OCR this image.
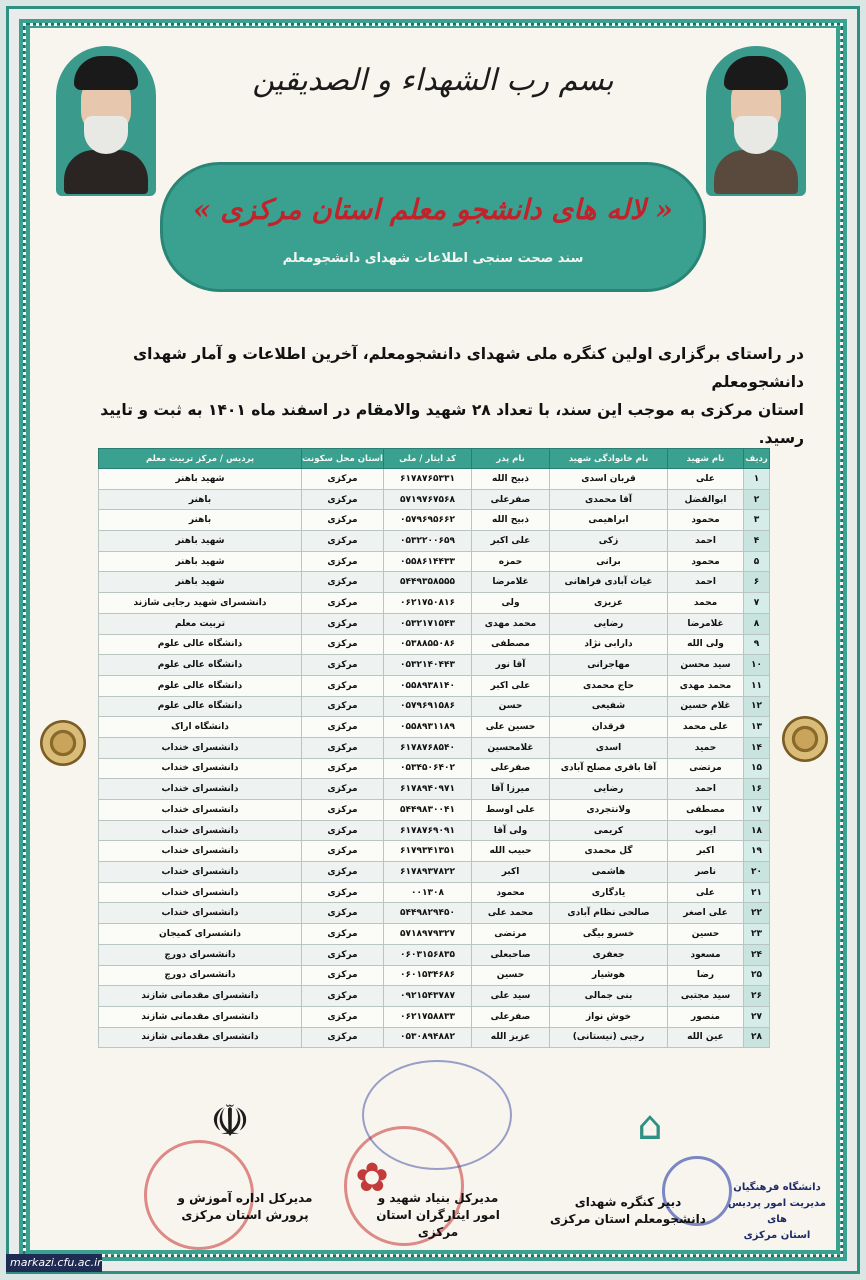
بسم رب الشهداء و الصدیقین
« لاله های دانشجو معلم استان مرکزی »
سند صحت سنجی اطلاعات شهدای دانشجومعلم
در راستای برگزاری اولین کنگره ملی شهدای دانشجومعلم، آخرین اطلاعات و آمار شهدای دانشجومعلم
استان مرکزی به موجب این سند، با تعداد ۲۸ شهید والامقام در اسفند ماه ۱۴۰۱ به ثبت و تایید رسید.
ردیف	نام شهید	نام خانوادگی شهید	نام پدر	کد ایثار / ملی	استان محل سکونت	پردیس / مرکز تربیت معلم
۱	علی	قربان اسدی	ذبیح الله	۶۱۷۸۷۶۵۳۳۱	مرکزی	شهید باهنر
۲	ابوالفضل	آقا محمدی	صفرعلی	۵۷۱۹۷۶۷۵۶۸	مرکزی	باهنر
۳	محمود	ابراهیمی	ذبیح الله	۰۵۷۹۶۹۵۶۶۲	مرکزی	باهنر
۴	احمد	زکی	علی اکبر	۰۵۳۲۲۰۰۶۵۹	مرکزی	شهید باهنر
۵	محمود	برانی	حمزه	۰۵۵۸۶۱۴۴۳۳	مرکزی	شهید باهنر
۶	احمد	غیاث آبادی فراهانی	غلامرضا	۵۴۴۹۳۵۸۵۵۵	مرکزی	شهید باهنر
۷	محمد	عزیزی	ولی	۰۶۲۱۷۵۰۸۱۶	مرکزی	دانشسرای شهید رجایی شازند
۸	غلامرضا	رضایی	محمد مهدی	۰۵۳۲۱۷۱۵۴۳	مرکزی	تربیت معلم
۹	ولی الله	دارابی نژاد	مصطفی	۰۵۳۸۸۵۵۰۸۶	مرکزی	دانشگاه عالی علوم
۱۰	سید محسن	مهاجرانی	آقا نور	۰۵۳۲۱۴۰۴۴۳	مرکزی	دانشگاه عالی علوم
۱۱	محمد مهدی	حاج محمدی	علی اکبر	۰۵۵۸۹۳۸۱۴۰	مرکزی	دانشگاه عالی علوم
۱۲	غلام حسین	شفیعی	حسن	۰۵۷۹۶۹۱۵۸۶	مرکزی	دانشگاه عالی علوم
۱۳	علی محمد	فرقدان	حسین علی	۰۵۵۸۹۳۱۱۸۹	مرکزی	دانشگاه اراک
۱۴	حمید	اسدی	غلامحسین	۶۱۷۸۷۶۸۵۴۰	مرکزی	دانشسرای خنداب
۱۵	مرتضی	آقا باقری مصلح آبادی	صفرعلی	۰۵۳۴۵۰۶۴۰۲	مرکزی	دانشسرای خنداب
۱۶	احمد	رضایی	میرزا آقا	۶۱۷۸۹۴۰۹۷۱	مرکزی	دانشسرای خنداب
۱۷	مصطفی	ولانتجردی	علی اوسط	۵۴۴۹۸۳۰۰۴۱	مرکزی	دانشسرای خنداب
۱۸	ایوب	کریمی	ولی آقا	۶۱۷۸۷۶۹۰۹۱	مرکزی	دانشسرای خنداب
۱۹	اکبر	گل محمدی	حبیب الله	۶۱۷۹۳۴۱۳۵۱	مرکزی	دانشسرای خنداب
۲۰	ناصر	هاشمی	اکبر	۶۱۷۸۹۳۷۸۲۲	مرکزی	دانشسرای خنداب
۲۱	علی	یادگاری	محمود	۰۰۱۳۰۸	مرکزی	دانشسرای خنداب
۲۲	علی اصغر	صالحی نظام آبادی	محمد علی	۵۴۴۹۸۲۹۴۵۰	مرکزی	دانشسرای خنداب
۲۳	حسین	خسرو بیگی	مرتضی	۵۷۱۸۹۷۹۳۲۷	مرکزی	دانشسرای کمیجان
۲۴	مسعود	جعفری	صاحبعلی	۰۶۰۳۱۵۶۸۳۵	مرکزی	دانشسرای دورچ
۲۵	رضا	هوشیار	حسین	۰۶۰۱۵۳۴۶۸۶	مرکزی	دانشسرای دورچ
۲۶	سید مجتبی	بنی جمالی	سید علی	۰۹۲۱۵۴۳۷۸۷	مرکزی	دانشسرای مقدمانی شازند
۲۷	منصور	خوش نواز	صفرعلی	۰۶۲۱۷۵۸۸۳۳	مرکزی	دانشسرای مقدمانی شازند
۲۸	عین الله	رجبی (نیستانی)	عزیز الله	۰۵۳۰۸۹۴۸۸۲	مرکزی	دانشسرای مقدمانی شازند
☫
مدیرکل اداره آموزش و
پرورش استان مرکزی
✿
مدیرکل بنیاد شهید و
امور ایثارگران استان مرکزی
⌂
دبیر کنگره شهدای
دانشجومعلم استان مرکزی
دانشگاه فرهنگیان
مدیریت امور پردیس های
استان مرکزی
markazi.cfu.ac.ir
